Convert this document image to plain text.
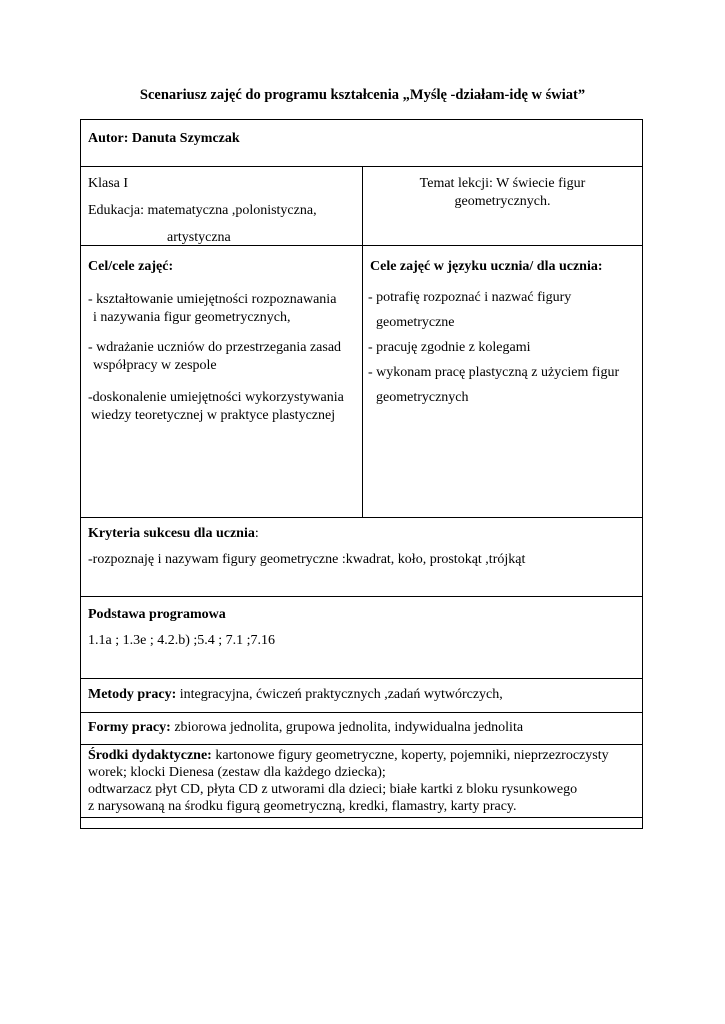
Scenariusz zajęć do programu kształcenia „Myślę -działam-idę w świat”
Autor: Danuta Szymczak
Klasa I
Edukacja: matematyczna ,polonistyczna,
artystyczna
Temat lekcji: W świecie figur
geometrycznych.
Cel/cele zajęć:
- kształtowanie umiejętności rozpoznawania
i nazywania figur geometrycznych,
- wdrażanie uczniów do przestrzegania zasad
współpracy w zespole
-doskonalenie umiejętności wykorzystywania
wiedzy teoretycznej w praktyce plastycznej
Cele zajęć w języku ucznia/ dla ucznia:
- potrafię rozpoznać i nazwać figury
geometryczne
- pracuję zgodnie z kolegami
- wykonam pracę plastyczną z użyciem figur
geometrycznych
Kryteria sukcesu dla ucznia:
-rozpoznaję i nazywam figury geometryczne :kwadrat, koło, prostokąt ,trójkąt
Podstawa programowa
1.1a ; 1.3e ; 4.2.b) ;5.4 ; 7.1 ;7.16
Metody pracy: integracyjna, ćwiczeń praktycznych ,zadań wytwórczych,
Formy pracy: zbiorowa jednolita, grupowa jednolita, indywidualna jednolita
Środki dydaktyczne: kartonowe figury geometryczne, koperty, pojemniki, nieprzezroczysty
worek; klocki Dienesa (zestaw dla każdego dziecka);
odtwarzacz płyt CD, płyta CD z utworami dla dzieci; białe kartki z bloku rysunkowego
z narysowaną na środku figurą geometryczną, kredki, flamastry, karty pracy.
